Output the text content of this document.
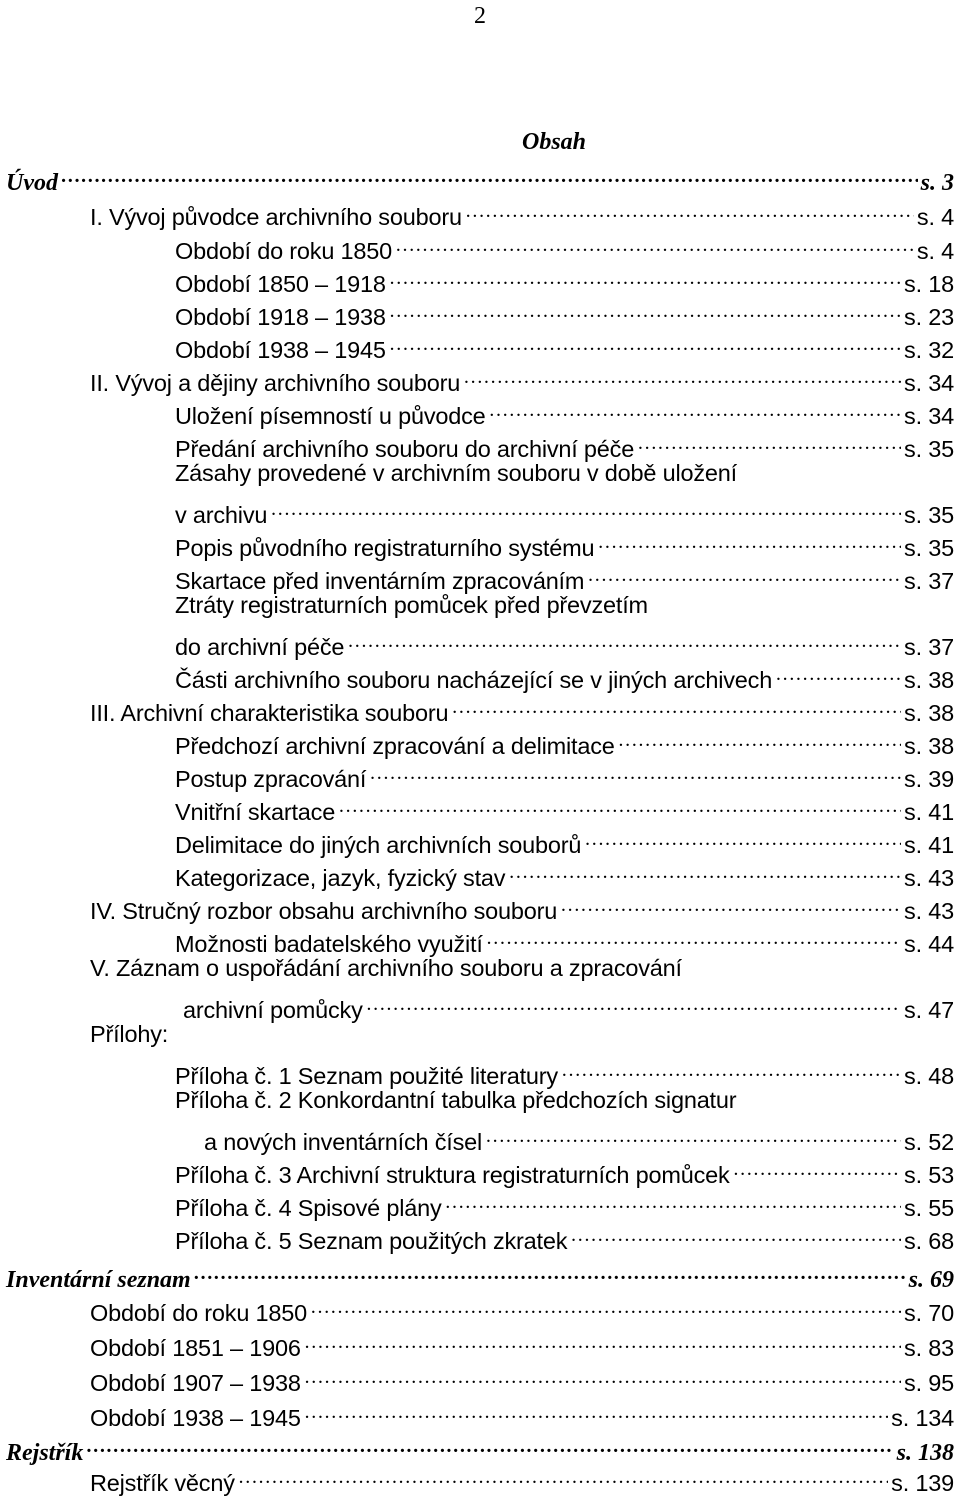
2
Obsah
Úvod ………………………………………………………………………………………………………………………………………………	s. 3
I. Vývoj původce archivního souboru ………………………………………………………………………………………………………………………………………………	s. 4
Období do roku 1850 ………………………………………………………………………………………………………………………………………………	s. 4
Období 1850 – 1918 ………………………………………………………………………………………………………………………………………………	s. 18
Období 1918 – 1938 ………………………………………………………………………………………………………………………………………………	s. 23
Období 1938 – 1945 ………………………………………………………………………………………………………………………………………………	s. 32
II. Vývoj a dějiny archivního souboru ………………………………………………………………………………………………………………………………………………	s. 34
Uložení písemností u původce ………………………………………………………………………………………………………………………………………………	s. 34
Předání archivního souboru do archivní péče ………………………………………………………………………………………………………………………………………………	s. 35
Zásahy provedené v archivním souboru v době uložení
v archivu ………………………………………………………………………………………………………………………………………………	s. 35
Popis původního registraturního systému ………………………………………………………………………………………………………………………………………………	s. 35
Skartace před inventárním zpracováním ………………………………………………………………………………………………………………………………………………	s. 37
Ztráty registraturních pomůcek před převzetím
do archivní péče ………………………………………………………………………………………………………………………………………………	s. 37
Části archivního souboru nacházející se v jiných archivech ………………………………………………………………………………………………………………………………………………	s. 38
III. Archivní charakteristika souboru ………………………………………………………………………………………………………………………………………………	s. 38
Předchozí archivní zpracování a delimitace ………………………………………………………………………………………………………………………………………………	s. 38
Postup zpracování ………………………………………………………………………………………………………………………………………………	s. 39
Vnitřní skartace ………………………………………………………………………………………………………………………………………………	s. 41
Delimitace do jiných archivních souborů ………………………………………………………………………………………………………………………………………………	s. 41
Kategorizace, jazyk, fyzický stav ………………………………………………………………………………………………………………………………………………	s. 43
IV. Stručný rozbor obsahu archivního souboru ………………………………………………………………………………………………………………………………………………	s. 43
Možnosti badatelského využití ………………………………………………………………………………………………………………………………………………	s. 44
V. Záznam o uspořádání archivního souboru a zpracování
archivní pomůcky ………………………………………………………………………………………………………………………………………………	s. 47
Přílohy:
Příloha č. 1 Seznam použité literatury ………………………………………………………………………………………………………………………………………………	s. 48
Příloha č. 2 Konkordantní tabulka předchozích signatur
a nových inventárních čísel ………………………………………………………………………………………………………………………………………………	s. 52
Příloha č. 3 Archivní struktura registraturních pomůcek ………………………………………………………………………………………………………………………………………………	s. 53
Příloha č. 4 Spisové plány ………………………………………………………………………………………………………………………………………………	s. 55
Příloha č. 5 Seznam použitých zkratek ………………………………………………………………………………………………………………………………………………	s. 68
Inventární seznam ………………………………………………………………………………………………………………………………………………	s. 69
Období do roku 1850 ………………………………………………………………………………………………………………………………………………	s. 70
Období 1851 – 1906 ………………………………………………………………………………………………………………………………………………	s. 83
Období 1907 – 1938 ………………………………………………………………………………………………………………………………………………	s. 95
Období 1938 – 1945 ………………………………………………………………………………………………………………………………………………	s. 134
Rejstřík ………………………………………………………………………………………………………………………………………………	s. 138
Rejstřík věcný ………………………………………………………………………………………………………………………………………………	s. 139
